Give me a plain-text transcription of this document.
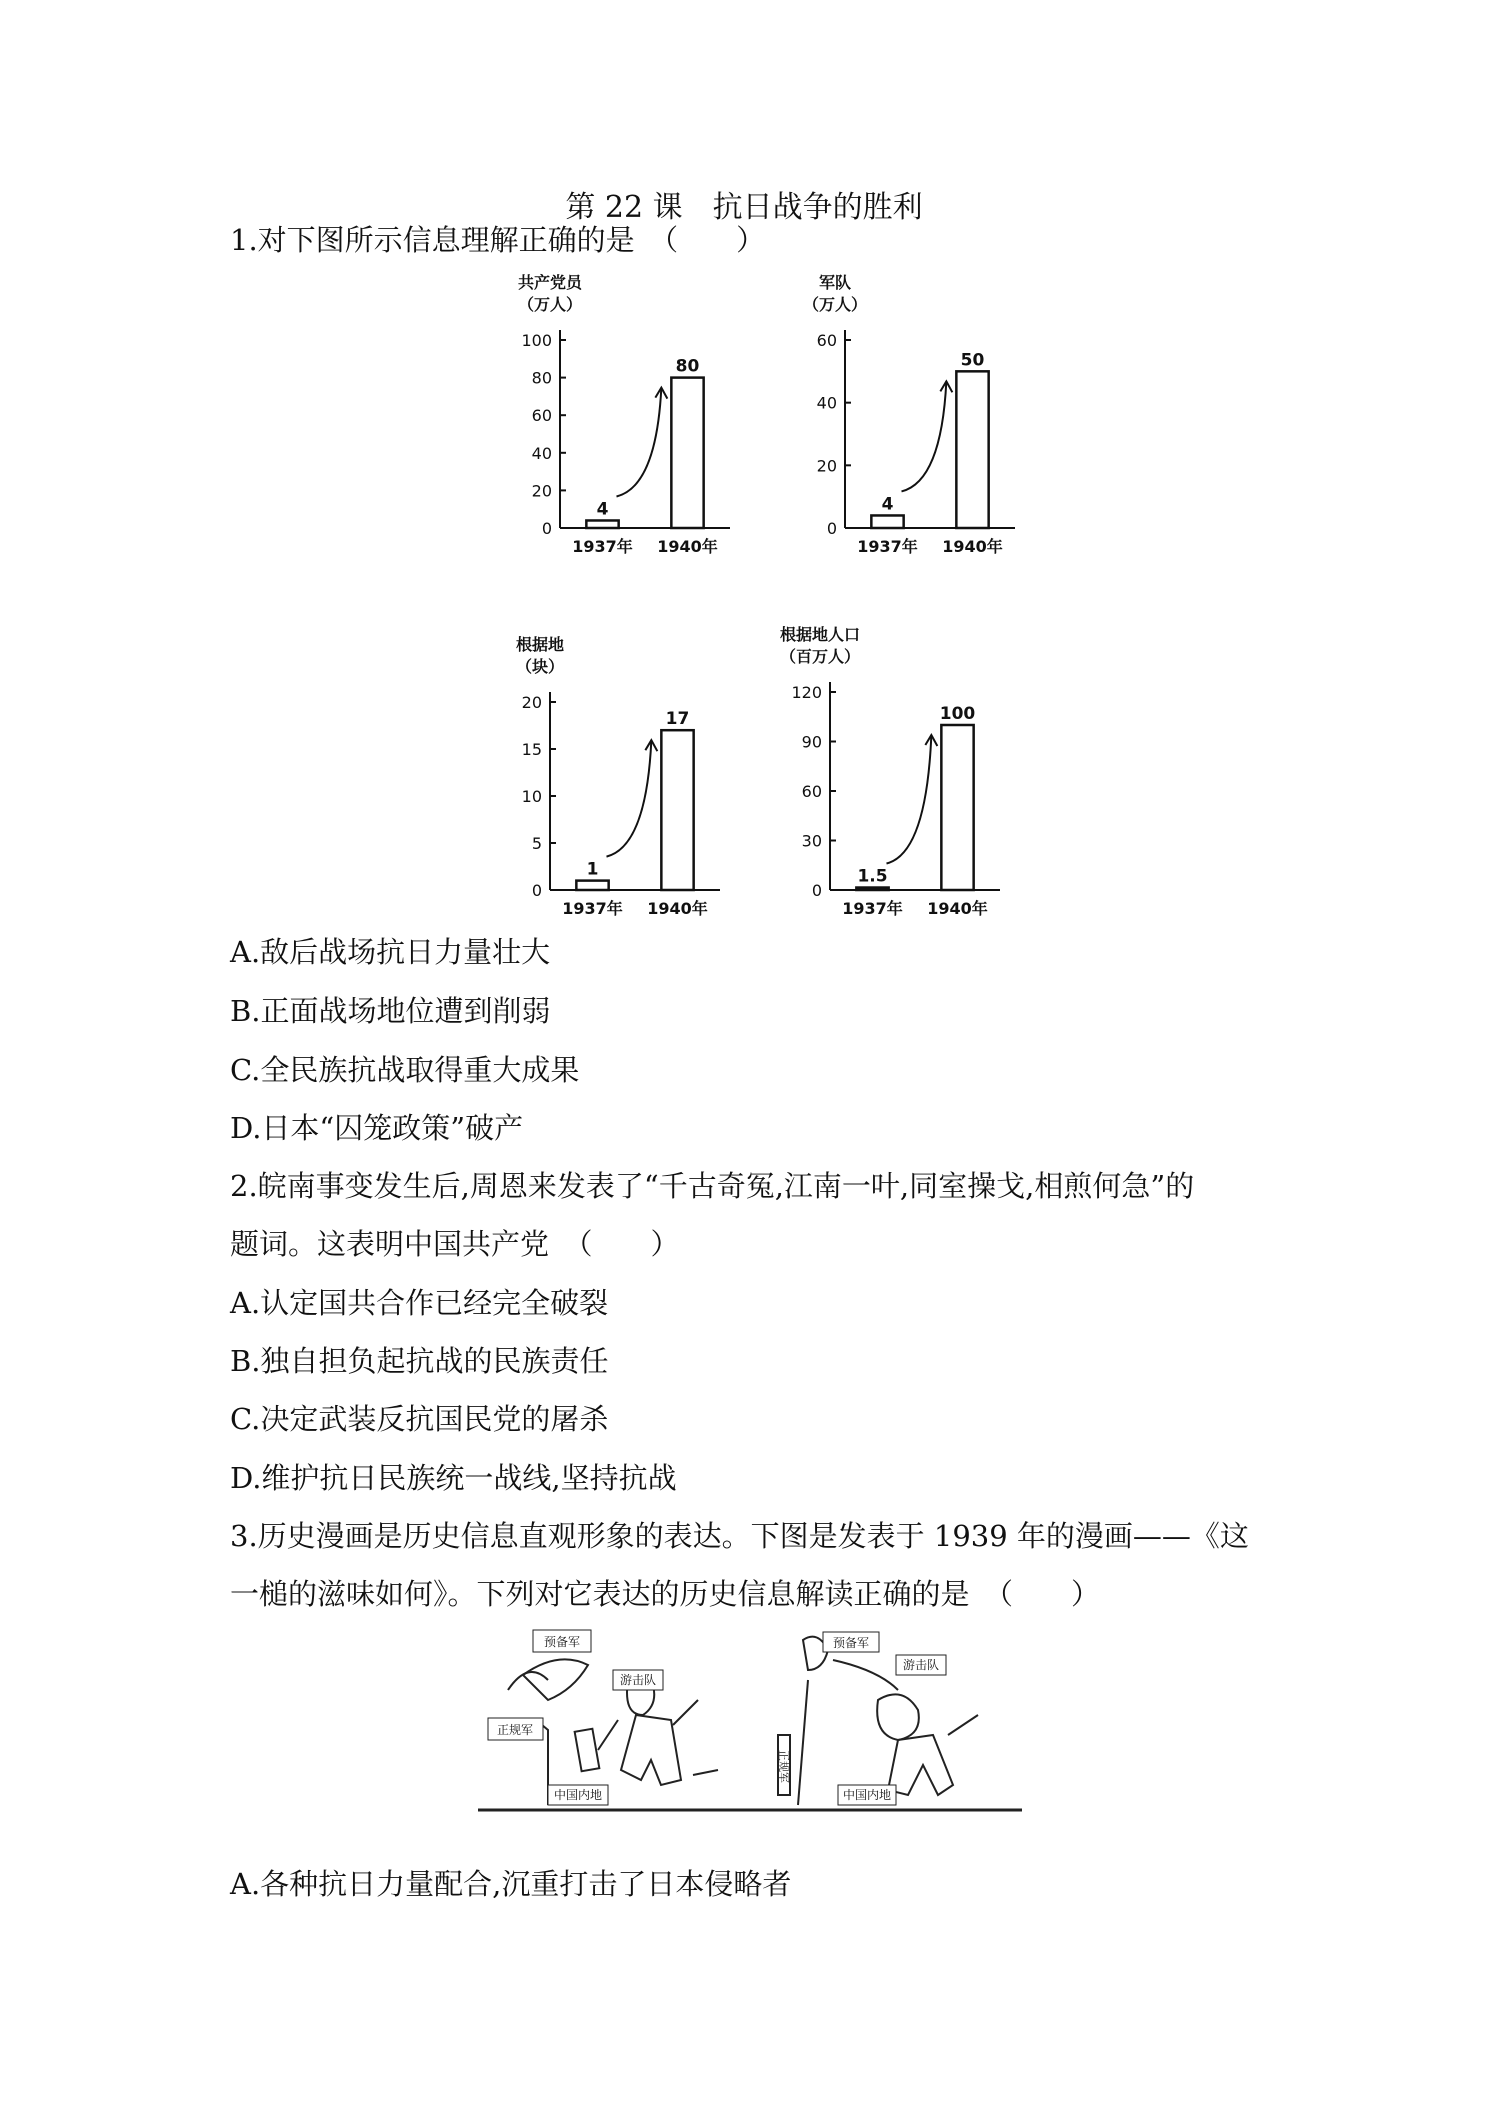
第 22 课　抗日战争的胜利
1.对下图所示信息理解正确的是　（　　）
共产党员
（万人）
0
20
40
60
80
100
4
1937年
80
1940年
军队
（万人）
0
20
40
60
4
1937年
50
1940年
根据地
（块）
0
5
10
15
20
1
1937年
17
1940年
根据地人口
（百万人）
0
30
60
90
120
1.5
1937年
100
1940年
A.敌后战场抗日力量壮大
B.正面战场地位遭到削弱
C.全民族抗战取得重大成果
D.日本“囚笼政策”破产
2.皖南事变发生后,周恩来发表了“千古奇冤,江南一叶,同室操戈,相煎何急”的
题词。这表明中国共产党　（　　）
A.认定国共合作已经完全破裂
B.独自担负起抗战的民族责任
C.决定武装反抗国民党的屠杀
D.维护抗日民族统一战线,坚持抗战
3.历史漫画是历史信息直观形象的表达。下图是发表于 1939 年的漫画——《这
一槌的滋味如何》。下列对它表达的历史信息解读正确的是　（　　）
预备军
游击队
正规军
中国内地
预备军
游击队
正规军
中国内地
A.各种抗日力量配合,沉重打击了日本侵略者
